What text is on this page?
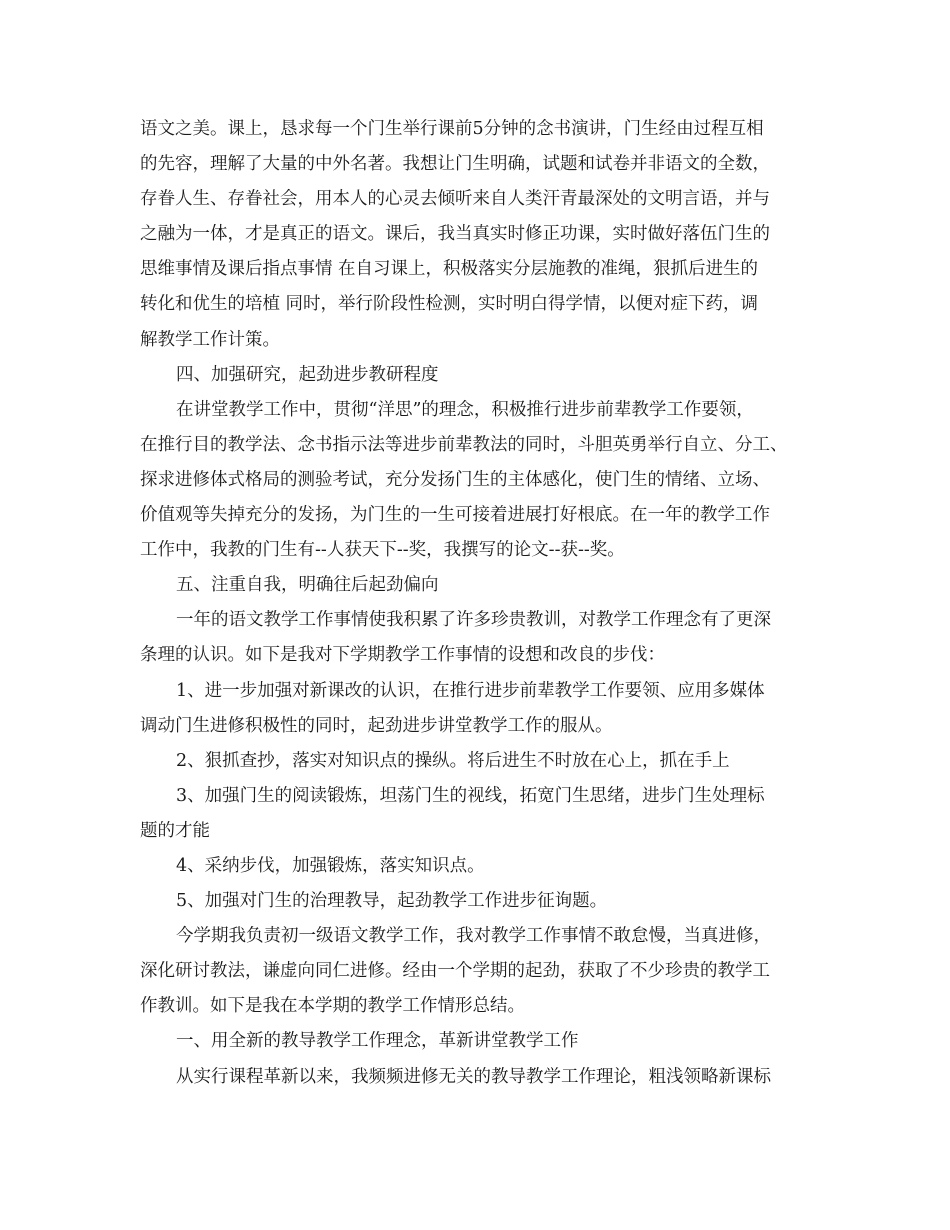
语文之美。课上，恳求每一个门生举行课前5分钟的念书演讲，门生经由过程互相
的先容，理解了大量的中外名著。我想让门生明确，试题和试卷并非语文的全数，
存眷人生、存眷社会，用本人的心灵去倾听来自人类汗青最深处的文明言语，并与
之融为一体，才是真正的语文。课后，我当真实时修正功课，实时做好落伍门生的
思维事情及课后指点事情 在自习课上，积极落实分层施教的准绳，狠抓后进生的
转化和优生的培植 同时，举行阶段性检测，实时明白得学情，以便对症下药，调
解教学工作计策。
四、加强研究，起劲进步教研程度
在讲堂教学工作中，贯彻“洋思”的理念，积极推行进步前辈教学工作要领，
在推行目的教学法、念书指示法等进步前辈教法的同时，斗胆英勇举行自立、分工、
探求进修体式格局的测验考试，充分发扬门生的主体感化，使门生的情绪、立场、
价值观等失掉充分的发扬，为门生的一生可接着进展打好根底。在一年的教学工作
工作中，我教的门生有--人获天下--奖，我撰写的论文--获--奖。
五、注重自我，明确往后起劲偏向
一年的语文教学工作事情使我积累了许多珍贵教训，对教学工作理念有了更深
条理的认识。如下是我对下学期教学工作事情的设想和改良的步伐：
1、进一步加强对新课改的认识，在推行进步前辈教学工作要领、应用多媒体
调动门生进修积极性的同时，起劲进步讲堂教学工作的服从。
2、狠抓查抄，落实对知识点的操纵。将后进生不时放在心上，抓在手上
3、加强门生的阅读锻炼，坦荡门生的视线，拓宽门生思绪，进步门生处理标
题的才能
4、采纳步伐，加强锻炼，落实知识点。
5、加强对门生的治理教导，起劲教学工作进步征询题。
今学期我负责初一级语文教学工作，我对教学工作事情不敢怠慢，当真进修，
深化研讨教法，谦虚向同仁进修。经由一个学期的起劲，获取了不少珍贵的教学工
作教训。如下是我在本学期的教学工作情形总结。
一、用全新的教导教学工作理念，革新讲堂教学工作
从实行课程革新以来，我频频进修无关的教导教学工作理论，粗浅领略新课标
